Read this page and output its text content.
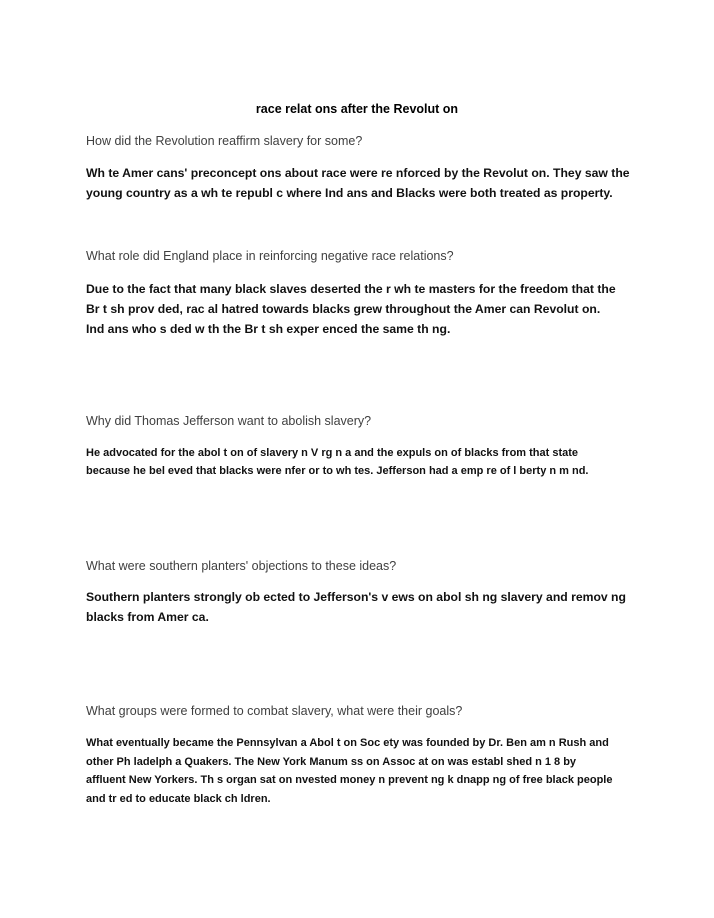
race relat ons after the Revolut on
How did the Revolution reaffirm slavery for some?
Wh te Amer cans' preconcept ons about race were re nforced by the Revolut on. They saw the
young country as a wh te republ c where Ind ans and Blacks were both treated as property.
What role did England place in reinforcing negative race relations?
Due to the fact that many black slaves deserted the r wh te masters for the freedom that the
Br t sh prov ded, rac al hatred towards blacks grew throughout the Amer can Revolut on.
Ind ans who s ded w th the Br t sh exper enced the same th ng.
Why did Thomas Jefferson want to abolish slavery?
He advocated for the abol t on of slavery n V rg n a and the expuls on of blacks from that state
because he bel eved that blacks were nfer or to wh tes. Jefferson had a emp re of l berty n m nd.
What were southern planters' objections to these ideas?
Southern planters strongly ob ected to Jefferson's v ews on abol sh ng slavery and remov ng
blacks from Amer ca.
What groups were formed to combat slavery, what were their goals?
What eventually became the Pennsylvan a Abol t on Soc ety was founded by Dr. Ben am n Rush and
other Ph ladelph a Quakers. The New York Manum ss on Assoc at on was establ shed n 1 8 by
affluent New Yorkers. Th s organ sat on nvested money n prevent ng k dnapp ng of free black people
and tr ed to educate black ch ldren.
